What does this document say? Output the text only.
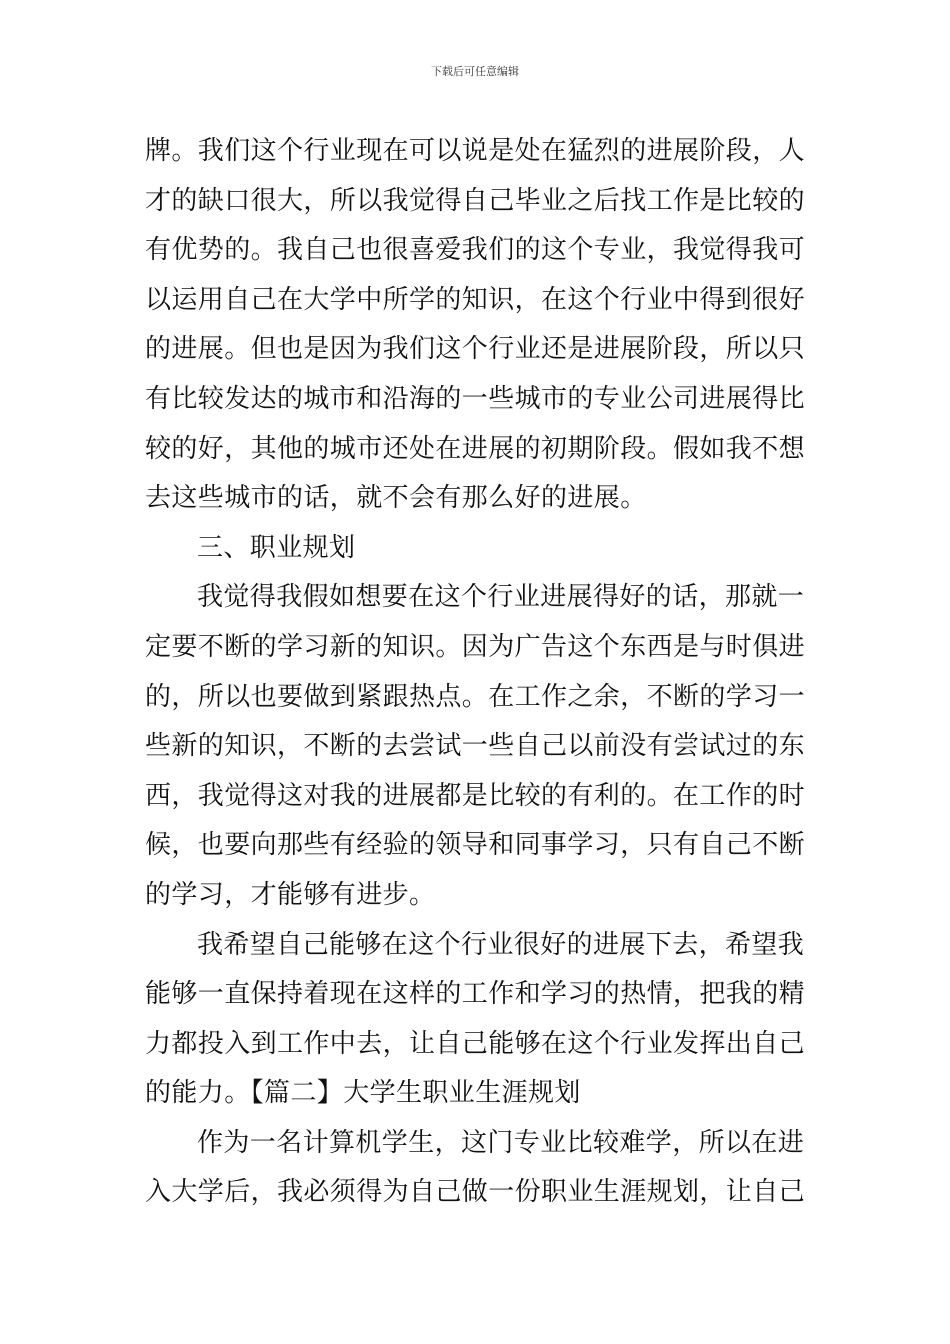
下载后可任意编辑
牌。我们这个行业现在可以说是处在猛烈的进展阶段，人
才的缺口很大，所以我觉得自己毕业之后找工作是比较的
有优势的。我自己也很喜爱我们的这个专业，我觉得我可
以运用自己在大学中所学的知识，在这个行业中得到很好
的进展。但也是因为我们这个行业还是进展阶段，所以只
有比较发达的城市和沿海的一些城市的专业公司进展得比
较的好，其他的城市还处在进展的初期阶段。假如我不想
去这些城市的话，就不会有那么好的进展。
三、职业规划
我觉得我假如想要在这个行业进展得好的话，那就一
定要不断的学习新的知识。因为广告这个东西是与时俱进
的，所以也要做到紧跟热点。在工作之余，不断的学习一
些新的知识，不断的去尝试一些自己以前没有尝试过的东
西，我觉得这对我的进展都是比较的有利的。在工作的时
候，也要向那些有经验的领导和同事学习，只有自己不断
的学习，才能够有进步。
我希望自己能够在这个行业很好的进展下去，希望我
能够一直保持着现在这样的工作和学习的热情，把我的精
力都投入到工作中去，让自己能够在这个行业发挥出自己
的能力。【篇二】大学生职业生涯规划
作为一名计算机学生，这门专业比较难学，所以在进
入大学后，我必须得为自己做一份职业生涯规划，让自己
